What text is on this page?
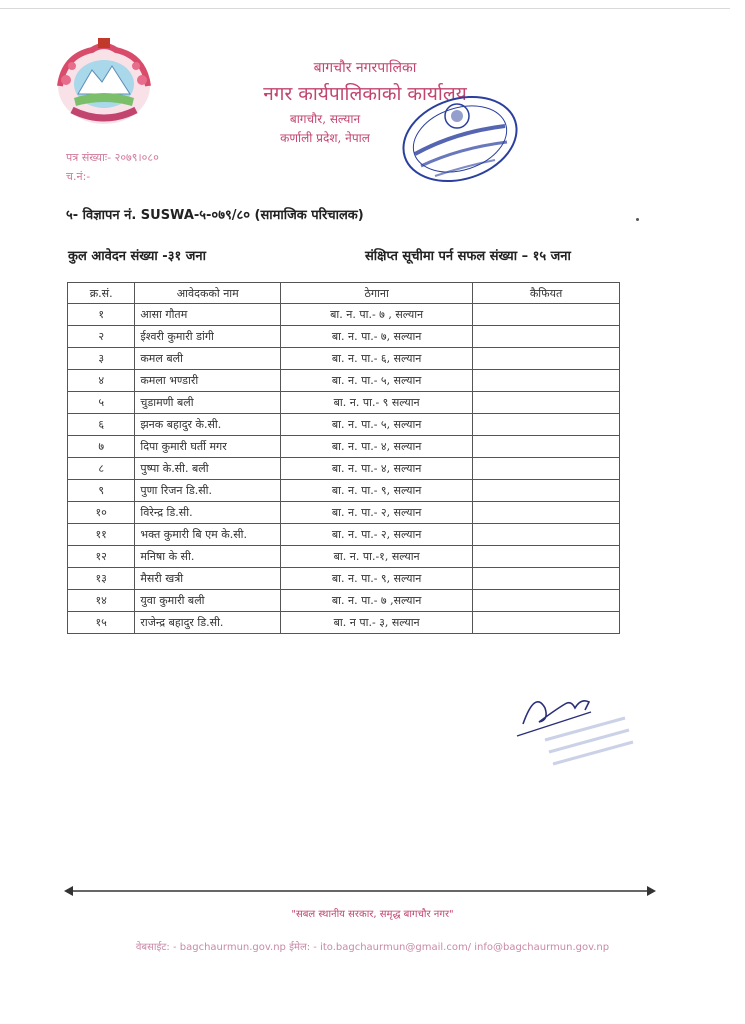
बागचौर नगरपालिका
नगर कार्यपालिकाको कार्यालय
बागचौर, सल्यान
कर्णाली प्रदेश, नेपाल
पत्र संख्याः- २०७९।०८०
च.नं:-
५- विज्ञापन नं. SUSWA-५-०७९/८० (सामाजिक परिचालक)
कुल आवेदन संख्या -३१ जना	संक्षिप्त सूचीमा पर्न सफल संख्या – १५ जना
क्र.सं.	आवेदकको नाम	ठेगाना	कैफियत
१	आसा गौतम	बा. न. पा.- ७ , सल्यान	
२	ईश्वरी कुमारी डांगी	बा. न. पा.- ७, सल्यान	
३	कमल बली	बा. न. पा.- ६, सल्यान	
४	कमला भण्डारी	बा. न. पा.- ५, सल्यान	
५	चुडामणी बली	बा. न. पा.- ९ सल्यान	
६	झनक बहादुर के.सी.	बा. न. पा.- ५, सल्यान	
७	दिपा कुमारी घर्ती मगर	बा. न. पा.- ४, सल्यान	
८	पुष्पा के.सी. बली	बा. न. पा.- ४, सल्यान	
९	पुणा रिजन डि.सी.	बा. न. पा.- ९, सल्यान	
१०	विरेन्द्र डि.सी.	बा. न. पा.- २, सल्यान	
११	भक्त कुमारी बि एम के.सी.	बा. न. पा.- २, सल्यान	
१२	मनिषा के सी.	बा. न. पा.-१, सल्यान	
१३	मैसरी खत्री	बा. न. पा.- ९, सल्यान	
१४	युवा कुमारी बली	बा. न. पा.- ७ ,सल्यान	
१५	राजेन्द्र बहादुर डि.सी.	बा. न पा.- ३, सल्यान	
"सबल स्थानीय सरकार, समृद्ध बागचौर नगर"
वेबसाईट: - bagchaurmun.gov.np ईमेल: - ito.bagchaurmun@gmail.com/ info@bagchaurmun.gov.np
